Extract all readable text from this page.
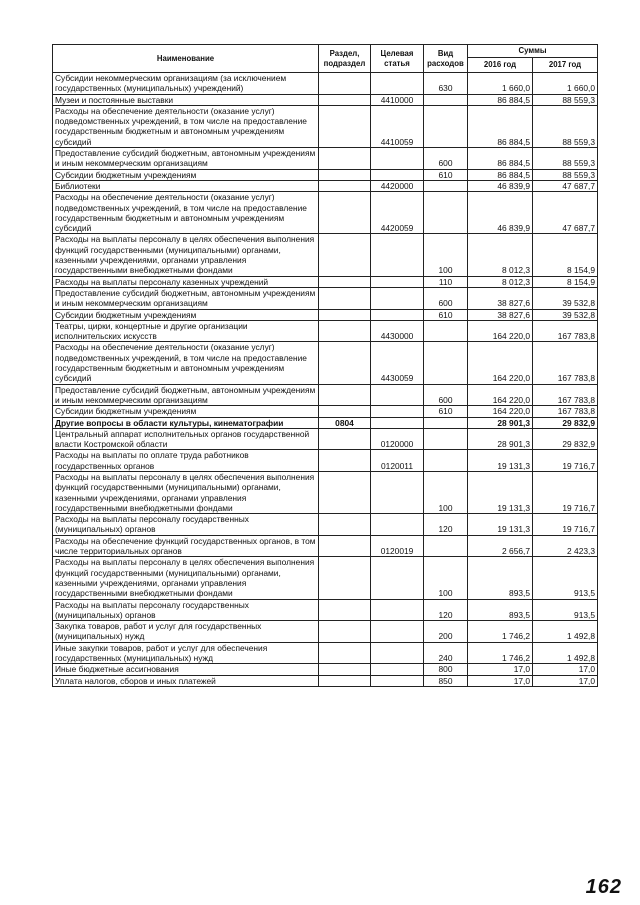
Наименование	Раздел, подраздел	Целевая статья	Вид расходов	Суммы	
				2016 год	2017 год
Субсидии некоммерческим организациям (за исключением государственных (муниципальных) учреждений)			630	1 660,0	1 660,0
Музеи и постоянные выставки		4410000		86 884,5	88 559,3
Расходы на обеспечение деятельности (оказание услуг) подведомственных учреждений, в том числе на предоставление государственным бюджетным и автономным учреждениям субсидий		4410059		86 884,5	88 559,3
Предоставление субсидий бюджетным, автономным учреждениям и иным некоммерческим организациям			600	86 884,5	88 559,3
Субсидии бюджетным учреждениям			610	86 884,5	88 559,3
Библиотеки		4420000		46 839,9	47 687,7
Расходы на обеспечение деятельности (оказание услуг) подведомственных учреждений, в том числе на предоставление государственным бюджетным и автономным учреждениям субсидий		4420059		46 839,9	47 687,7
Расходы на выплаты персоналу в целях обеспечения выполнения функций государственными (муниципальными) органами, казенными учреждениями, органами управления государственными внебюджетными фондами			100	8 012,3	8 154,9
Расходы на выплаты персоналу казенных учреждений			110	8 012,3	8 154,9
Предоставление субсидий бюджетным, автономным учреждениям и иным некоммерческим организациям			600	38 827,6	39 532,8
Субсидии бюджетным учреждениям			610	38 827,6	39 532,8
Театры, цирки, концертные и другие организации исполнительских искусств		4430000		164 220,0	167 783,8
Расходы на обеспечение деятельности (оказание услуг) подведомственных учреждений, в том числе на предоставление государственным бюджетным и автономным учреждениям субсидий		4430059		164 220,0	167 783,8
Предоставление субсидий бюджетным, автономным учреждениям и иным некоммерческим организациям			600	164 220,0	167 783,8
Субсидии бюджетным учреждениям			610	164 220,0	167 783,8
Другие вопросы в области культуры, кинематографии	0804			28 901,3	29 832,9
Центральный аппарат исполнительных органов государственной власти Костромской области		0120000		28 901,3	29 832,9
Расходы на выплаты по оплате труда работников государственных органов		0120011		19 131,3	19 716,7
Расходы на выплаты персоналу в целях обеспечения выполнения функций государственными (муниципальными) органами, казенными учреждениями, органами управления государственными внебюджетными фондами			100	19 131,3	19 716,7
Расходы на выплаты персоналу государственных (муниципальных) органов			120	19 131,3	19 716,7
Расходы на обеспечение функций государственных органов, в том числе территориальных органов		0120019		2 656,7	2 423,3
Расходы на выплаты персоналу в целях обеспечения выполнения функций государственными (муниципальными) органами, казенными учреждениями, органами управления государственными внебюджетными фондами			100	893,5	913,5
Расходы на выплаты персоналу государственных (муниципальных) органов			120	893,5	913,5
Закупка товаров, работ и услуг для государственных (муниципальных) нужд			200	1 746,2	1 492,8
Иные закупки товаров, работ и услуг для обеспечения государственных (муниципальных) нужд			240	1 746,2	1 492,8
Иные бюджетные ассигнования			800	17,0	17,0
Уплата налогов, сборов и иных платежей			850	17,0	17,0
162
